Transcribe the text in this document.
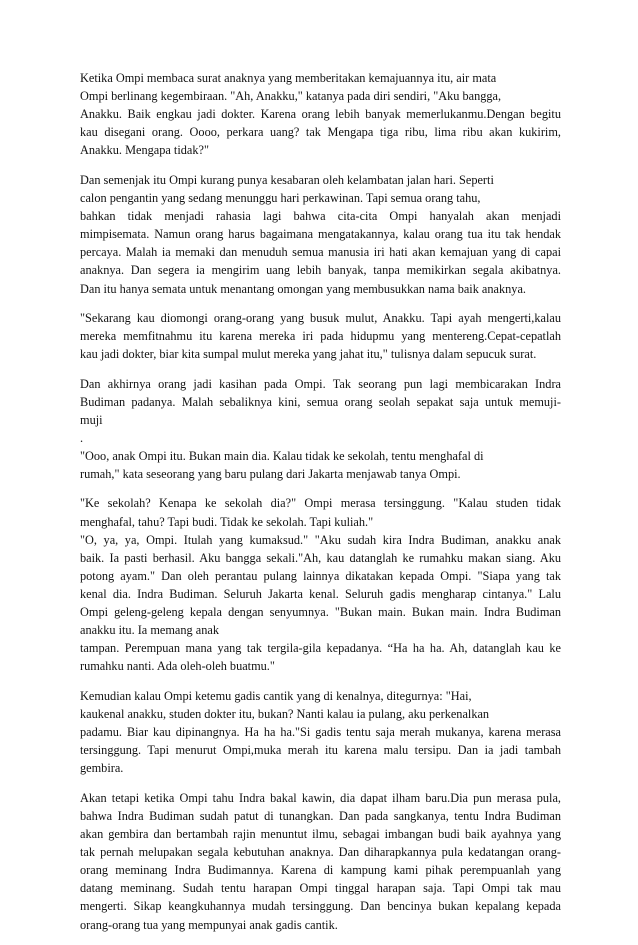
Ketika Ompi membaca surat anaknya yang memberitakan kemajuannya itu, air mata
Ompi berlinang kegembiraan. "Ah, Anakku," katanya pada diri sendiri, "Aku bangga,
Anakku. Baik engkau jadi dokter. Karena orang lebih banyak memerlukanmu.Dengan begitu
kau disegani orang. Oooo, perkara uang? tak Mengapa tiga ribu, lima ribu akan kukirim,
Anakku. Mengapa tidak?"
Dan semenjak itu Ompi kurang punya kesabaran oleh kelambatan jalan hari. Seperti
calon pengantin yang sedang menunggu hari perkawinan. Tapi semua orang tahu,
bahkan tidak menjadi rahasia lagi bahwa cita-cita Ompi hanyalah akan menjadi
mimpisemata. Namun orang harus bagaimana mengatakannya, kalau orang tua itu tak hendak
percaya. Malah ia memaki dan menuduh semua manusia iri hati akan kemajuan yang di capai
anaknya. Dan segera ia mengirim uang lebih banyak, tanpa memikirkan segala akibatnya.
Dan itu hanya semata untuk menantang omongan yang membusukkan nama baik anaknya.
"Sekarang kau diomongi orang-orang yang busuk mulut, Anakku. Tapi ayah mengerti,kalau
mereka memfitnahmu itu karena mereka iri pada hidupmu yang mentereng.Cepat-cepatlah
kau jadi dokter, biar kita sumpal mulut mereka yang jahat itu," tulisnya dalam sepucuk surat.
Dan akhirnya orang jadi kasihan pada Ompi. Tak seorang pun lagi membicarakan Indra
Budiman padanya. Malah sebaliknya kini, semua orang seolah sepakat saja untuk memuji-
muji
.
"Ooo, anak Ompi itu. Bukan main dia. Kalau tidak ke sekolah, tentu menghafal di
rumah," kata seseorang yang baru pulang dari Jakarta menjawab tanya Ompi.
"Ke sekolah? Kenapa ke sekolah dia?" Ompi merasa tersinggung. "Kalau studen tidak
menghafal, tahu? Tapi budi. Tidak ke sekolah. Tapi kuliah."
"O, ya, ya, Ompi. Itulah yang kumaksud." "Aku sudah kira Indra Budiman, anakku anak
baik. Ia pasti berhasil. Aku bangga sekali."Ah, kau datanglah ke rumahku makan siang. Aku
potong ayam." Dan oleh perantau pulang lainnya dikatakan kepada Ompi. "Siapa yang tak
kenal dia. Indra Budiman. Seluruh Jakarta kenal. Seluruh gadis mengharap cintanya." Lalu
Ompi geleng-geleng kepala dengan senyumnya. "Bukan main. Bukan main. Indra Budiman
anakku itu. Ia memang anak
tampan. Perempuan mana yang tak tergila-gila kepadanya. “Ha ha ha. Ah, datanglah kau ke
rumahku nanti. Ada oleh-oleh buatmu."
Kemudian kalau Ompi ketemu gadis cantik yang di kenalnya, ditegurnya: "Hai,
kaukenal anakku, studen dokter itu, bukan? Nanti kalau ia pulang, aku perkenalkan
padamu. Biar kau dipinangnya. Ha ha ha."Si gadis tentu saja merah mukanya, karena merasa
tersinggung. Tapi menurut Ompi,muka merah itu karena malu tersipu. Dan ia jadi tambah
gembira.
Akan tetapi ketika Ompi tahu Indra bakal kawin, dia dapat ilham baru.Dia pun merasa pula,
bahwa Indra Budiman sudah patut di tunangkan. Dan pada sangkanya, tentu Indra Budiman
akan gembira dan bertambah rajin menuntut ilmu, sebagai imbangan budi baik ayahnya yang
tak pernah melupakan segala kebutuhan anaknya. Dan diharapkannya pula kedatangan orang-
orang meminang Indra Budimannya. Karena di kampung kami pihak perempuanlah yang
datang meminang. Sudah tentu harapan Ompi tinggal harapan saja. Tapi Ompi tak mau
mengerti. Sikap keangkuhannya mudah tersinggung. Dan bencinya bukan kepalang kepada
orang-orang tua yang mempunyai anak gadis cantik.
